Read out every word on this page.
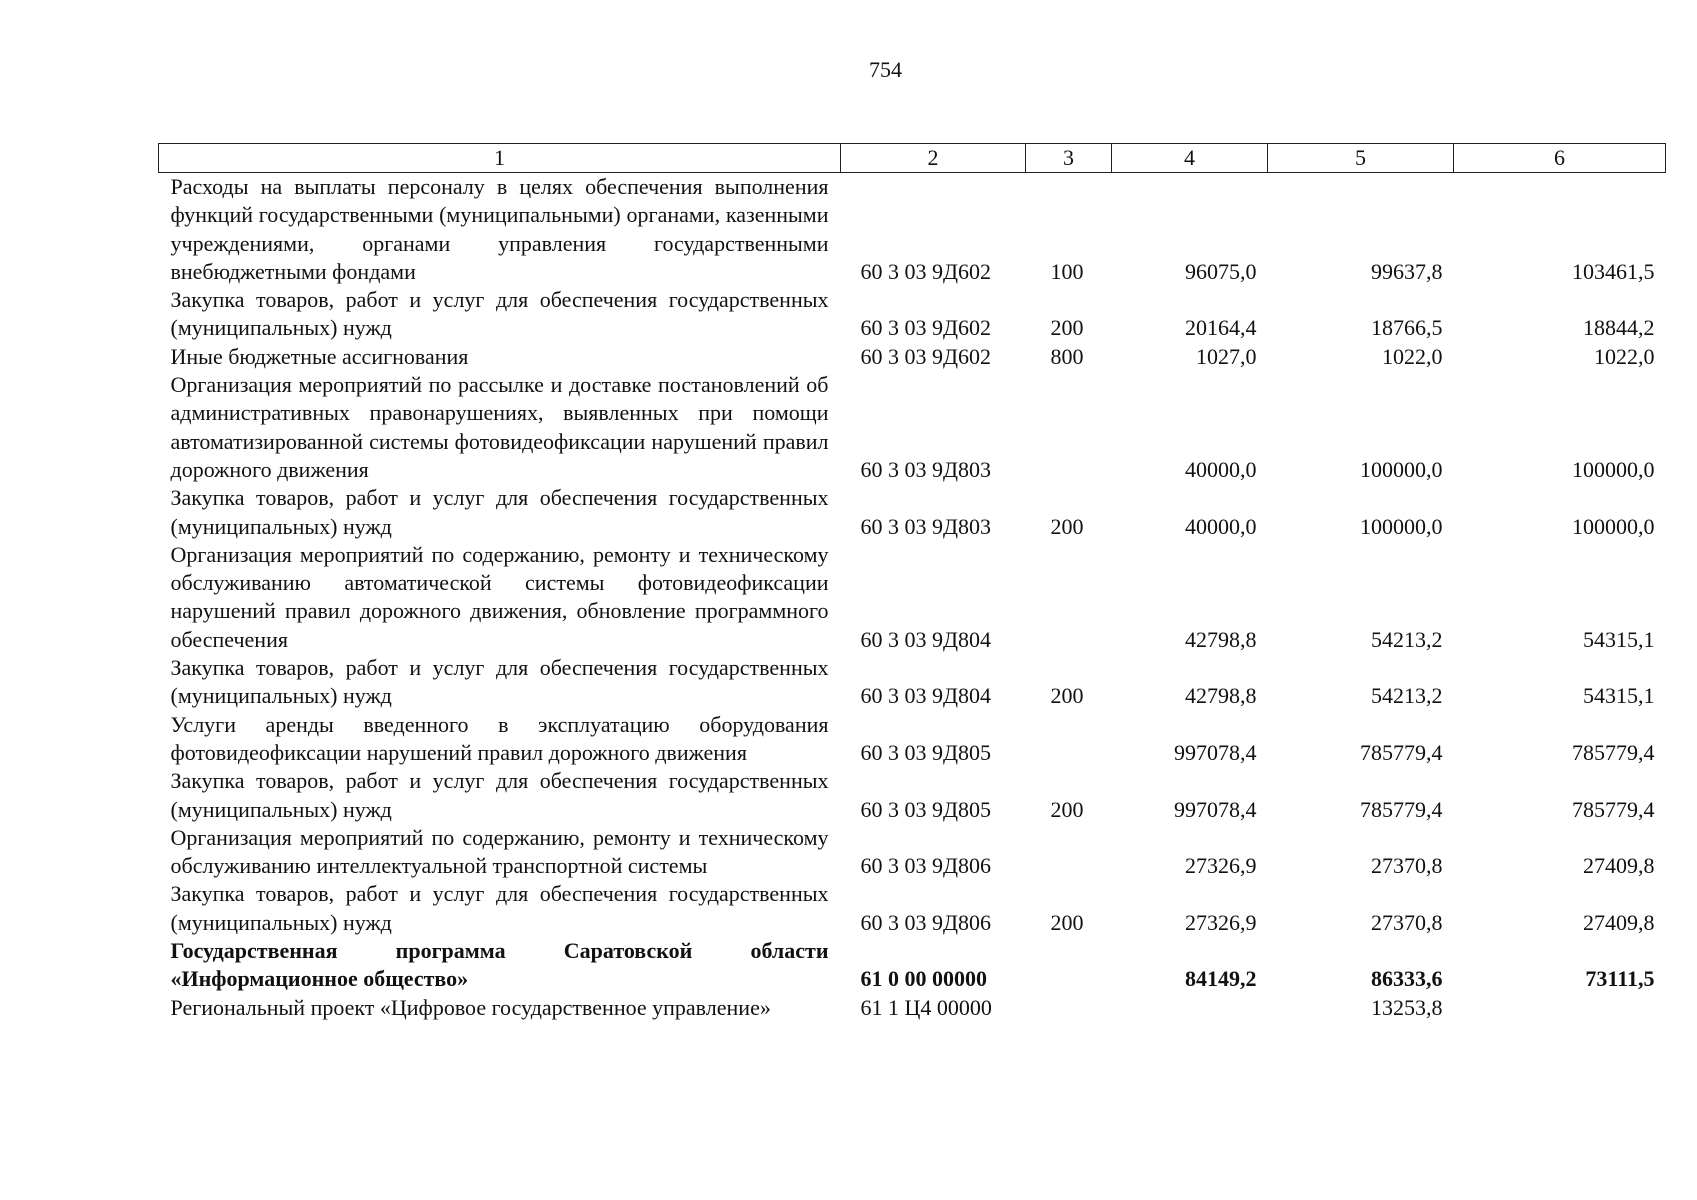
754
1	2	3	4	5	6
Расходы на выплаты персоналу в целях обеспечения выполнения функций государственными (муниципальными) органами, казенными учреждениями, органами управления государственными внебюджетными фондами	60 3 03 9Д602	100	96075,0	99637,8	103461,5
Закупка товаров, работ и услуг для обеспечения государственных (муниципальных) нужд	60 3 03 9Д602	200	20164,4	18766,5	18844,2
Иные бюджетные ассигнования	60 3 03 9Д602	800	1027,0	1022,0	1022,0
Организация мероприятий по рассылке и доставке постановлений об административных правонарушениях, выявленных при помощи автоматизированной системы фотовидеофиксации нарушений правил дорожного движения	60 3 03 9Д803		40000,0	100000,0	100000,0
Закупка товаров, работ и услуг для обеспечения государственных (муниципальных) нужд	60 3 03 9Д803	200	40000,0	100000,0	100000,0
Организация мероприятий по содержанию, ремонту и техническому обслуживанию автоматической системы фотовидеофиксации нарушений правил дорожного движения, обновление программного обеспечения	60 3 03 9Д804		42798,8	54213,2	54315,1
Закупка товаров, работ и услуг для обеспечения государственных (муниципальных) нужд	60 3 03 9Д804	200	42798,8	54213,2	54315,1
Услуги аренды введенного в эксплуатацию оборудования фотовидеофиксации нарушений правил дорожного движения	60 3 03 9Д805		997078,4	785779,4	785779,4
Закупка товаров, работ и услуг для обеспечения государственных (муниципальных) нужд	60 3 03 9Д805	200	997078,4	785779,4	785779,4
Организация мероприятий по содержанию, ремонту и техническому обслуживанию интеллектуальной транспортной системы	60 3 03 9Д806		27326,9	27370,8	27409,8
Закупка товаров, работ и услуг для обеспечения государственных (муниципальных) нужд	60 3 03 9Д806	200	27326,9	27370,8	27409,8
Государственная программа Саратовской области «Информационное общество»	61 0 00 00000		84149,2	86333,6	73111,5
Региональный проект «Цифровое государственное управление»	61 1 Ц4 00000			13253,8	
